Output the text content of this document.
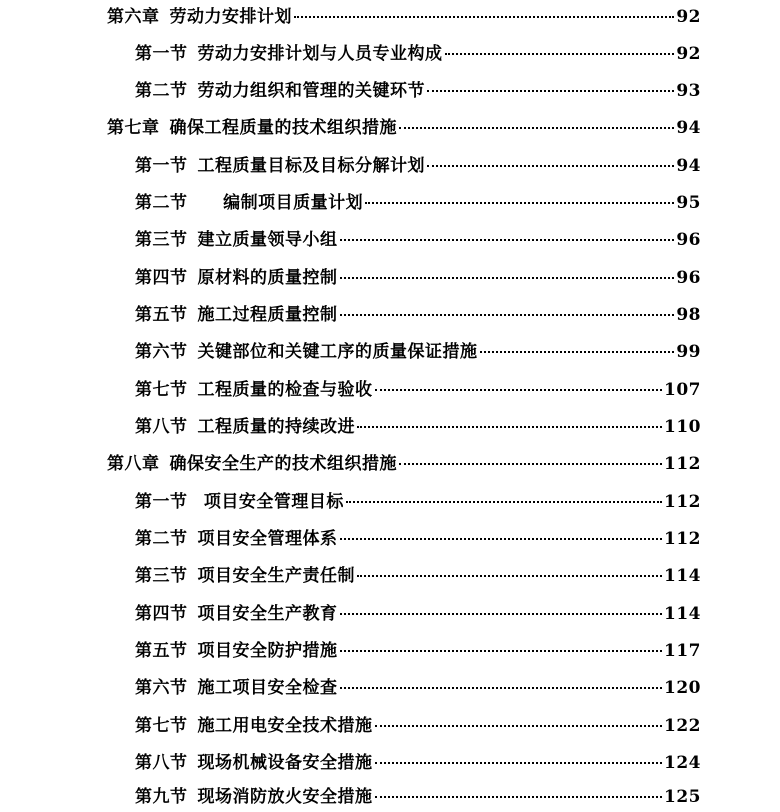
第六章 劳动力安排计划	92
第一节 劳动力安排计划与人员专业构成	92
第二节 劳动力组织和管理的关键环节	93
第七章 确保工程质量的技术组织措施	94
第一节 工程质量目标及目标分解计划	94
第二节 编制项目质量计划	95
第三节 建立质量领导小组	96
第四节 原材料的质量控制	96
第五节 施工过程质量控制	98
第六节 关键部位和关键工序的质量保证措施	99
第七节 工程质量的检查与验收	107
第八节 工程质量的持续改进	110
第八章 确保安全生产的技术组织措施	112
第一节 项目安全管理目标	112
第二节 项目安全管理体系	112
第三节 项目安全生产责任制	114
第四节 项目安全生产教育	114
第五节 项目安全防护措施	117
第六节 施工项目安全检查	120
第七节 施工用电安全技术措施	122
第八节 现场机械设备安全措施	124
第九节 现场消防放火安全措施	125
